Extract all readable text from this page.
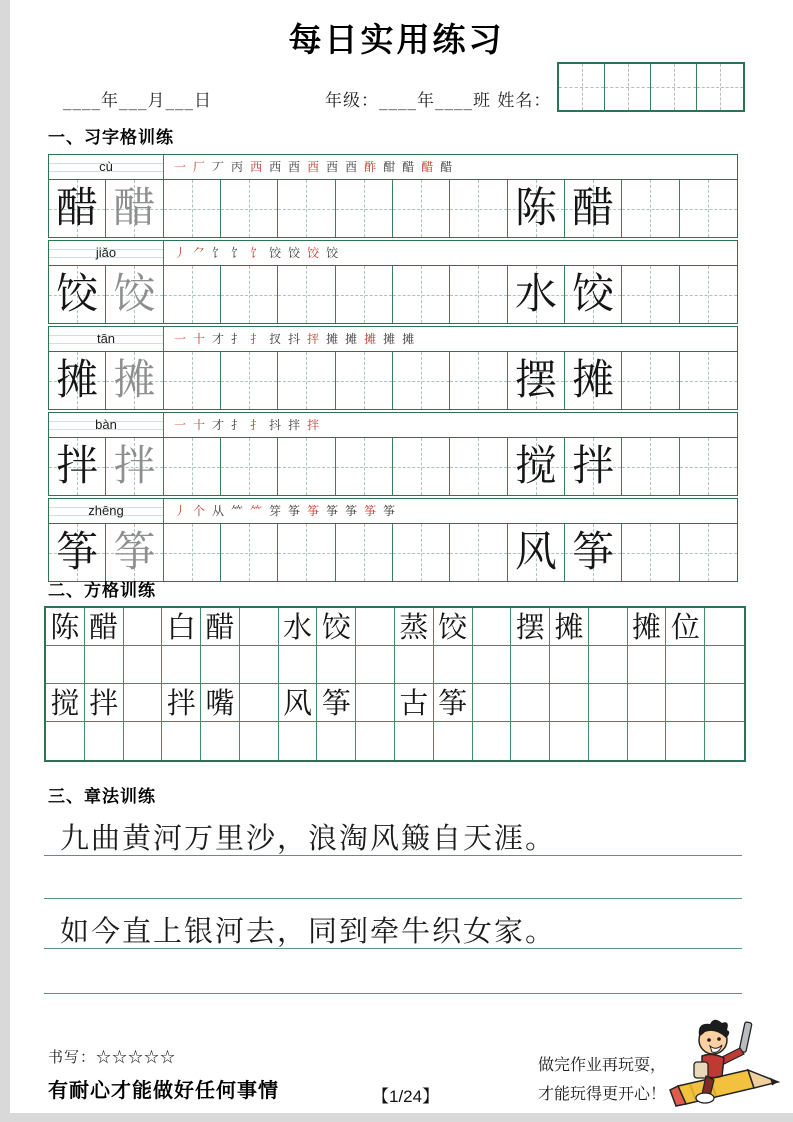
每日实用练习
____年___月___日	年级：____年____班 姓名：
一、习字格训练
cù	一 厂 丆 丙 西 西 酉 酉 酉 酉 酢 酣 醋 醋 醋
醋 醋	陈 醋
jiǎo	丿 ⺈ 饣 饣 饣 饺 饺 饺 饺
饺 饺	水 饺
tān	一 十 才 扌 扌 扠 抖 抨 摊 摊 摊 摊 摊
摊 摊	摆 摊
bàn	一 十 才 扌 扌 抖 拌 拌
拌 拌	搅 拌
zhēng	丿 个 从 ⺮ ⺮ 笌 筝 筝 筝 筝 筝 筝
筝 筝	风 筝
二、方格训练
陈 醋 白 醋 水 饺 蒸 饺 摆 摊 摊 位
搅 拌 拌 嘴 风 筝 古 筝
三、章法训练
九曲黄河万里沙，浪淘风簸自天涯。
如今直上银河去，同到牵牛织女家。
书写：☆☆☆☆☆
有耐心才能做好任何事情	【1/24】
做完作业再玩耍，
才能玩得更开心！
